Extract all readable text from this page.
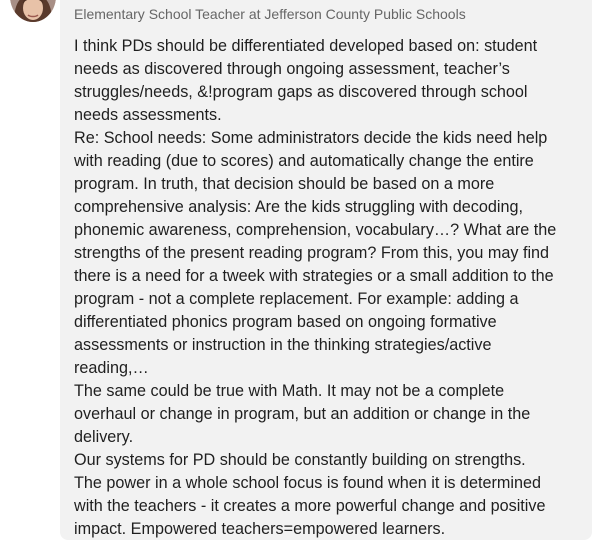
Elementary School Teacher at Jefferson County Public Schools

I think PDs should be differentiated developed based on: student
needs as discovered through ongoing assessment, teacher’s
struggles/needs, &!program gaps as discovered through school
needs assessments.

Re: School needs: Some administrators decide the kids need help
with reading (due to scores) and automatically change the entire
program. In truth, that decision should be based on a more
comprehensive analysis: Are the kids struggling with decoding,
phonemic awareness, comprehension, vocabulary…? What are the
strengths of the present reading program? From this, you may find
there is a need for a tweek with strategies or a small addition to the
program - not a complete replacement. For example: adding a
differentiated phonics program based on ongoing formative
assessments or instruction in the thinking strategies/active
reading,…

The same could be true with Math. It may not be a complete
overhaul or change in program, but an addition or change in the
delivery.

Our systems for PD should be constantly building on strengths.
The power in a whole school focus is found when it is determined
with the teachers - it creates a more powerful change and positive
impact. Empowered teachers=empowered learners.
